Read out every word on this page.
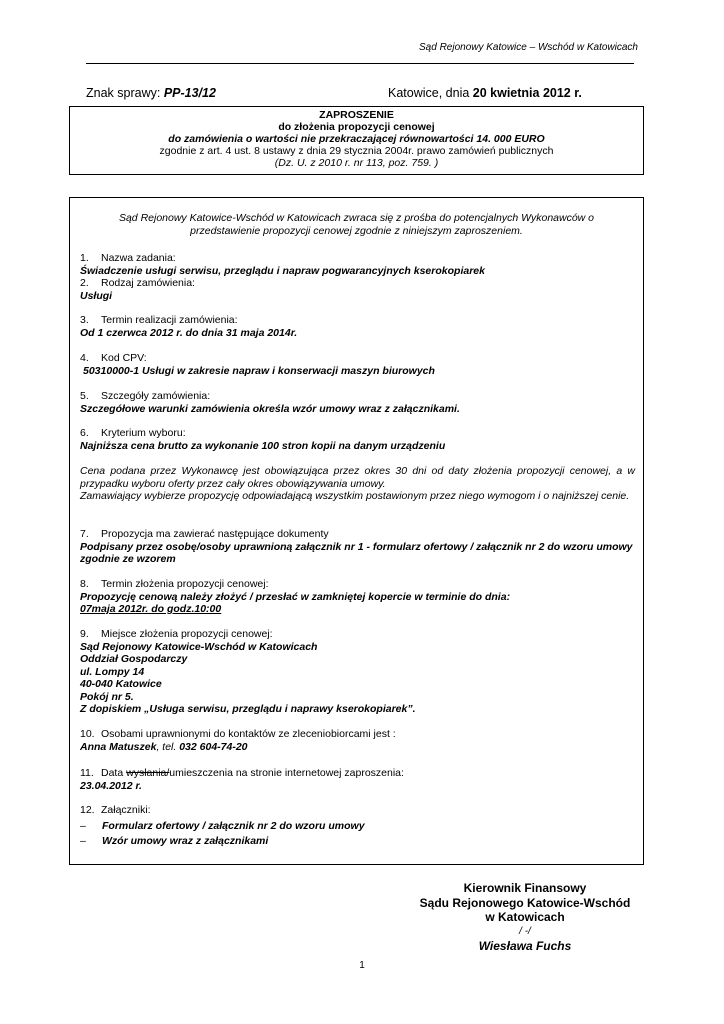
Sąd Rejonowy Katowice – Wschód w Katowicach
Znak sprawy: PP-13/12	Katowice, dnia 20 kwietnia 2012 r.
ZAPROSZENIE
do złożenia propozycji cenowej
do zamówienia o wartości nie przekraczającej równowartości 14. 000 EURO
zgodnie z art. 4 ust. 8 ustawy z dnia 29 stycznia 2004r. prawo zamówień publicznych
(Dz. U. z 2010 r. nr 113, poz. 759. )
Sąd Rejonowy Katowice-Wschód w Katowicach zwraca się z prośba do potencjalnych Wykonawców o przedstawienie propozycji cenowej zgodnie z niniejszym zaproszeniem.
1. Nazwa zadania:
Świadczenie usługi serwisu, przeglądu i napraw pogwarancyjnych kserokopiarek
2. Rodzaj zamówienia:
Usługi
3. Termin realizacji zamówienia:
Od 1 czerwca 2012 r. do dnia 31 maja 2014r.
4. Kod CPV:
50310000-1 Usługi w zakresie napraw i konserwacji maszyn biurowych
5. Szczegóły zamówienia:
Szczegółowe warunki zamówienia określa wzór umowy wraz z załącznikami.
6. Kryterium wyboru:
Najniższa cena brutto za wykonanie 100 stron kopii na danym urządzeniu
Cena podana przez Wykonawcę jest obowiązująca przez okres 30 dni od daty złożenia propozycji cenowej, a w przypadku wyboru oferty przez cały okres obowiązywania umowy.
Zamawiający wybierze propozycję odpowiadającą wszystkim postawionym przez niego wymogom i o najniższej cenie.
7. Propozycja ma zawierać następujące dokumenty
Podpisany przez osobę/osoby uprawnioną załącznik nr 1 - formularz ofertowy / załącznik nr 2 do wzoru umowy zgodnie ze wzorem
8. Termin złożenia propozycji cenowej:
Propozycję cenową należy złożyć / przesłać w zamkniętej kopercie w terminie do dnia:
07maja 2012r. do godz.10:00
9. Miejsce złożenia propozycji cenowej:
Sąd Rejonowy Katowice-Wschód w Katowicach
Oddział Gospodarczy
ul. Lompy 14
40-040 Katowice
Pokój nr 5.
Z dopiskiem „Usługa serwisu, przeglądu i naprawy kserokopiarek”.
10. Osobami uprawnionymi do kontaktów ze zleceniobiorcami jest :
Anna Matuszek, tel. 032 604-74-20
11. Data wysłania/umieszczenia na stronie internetowej zaproszenia:
23.04.2012 r.
12. Załączniki:
– Formularz ofertowy / załącznik nr 2 do wzoru umowy
– Wzór umowy wraz z załącznikami
Kierownik Finansowy
Sądu Rejonowego Katowice-Wschód
w Katowicach
/ -/
Wiesława Fuchs
1
